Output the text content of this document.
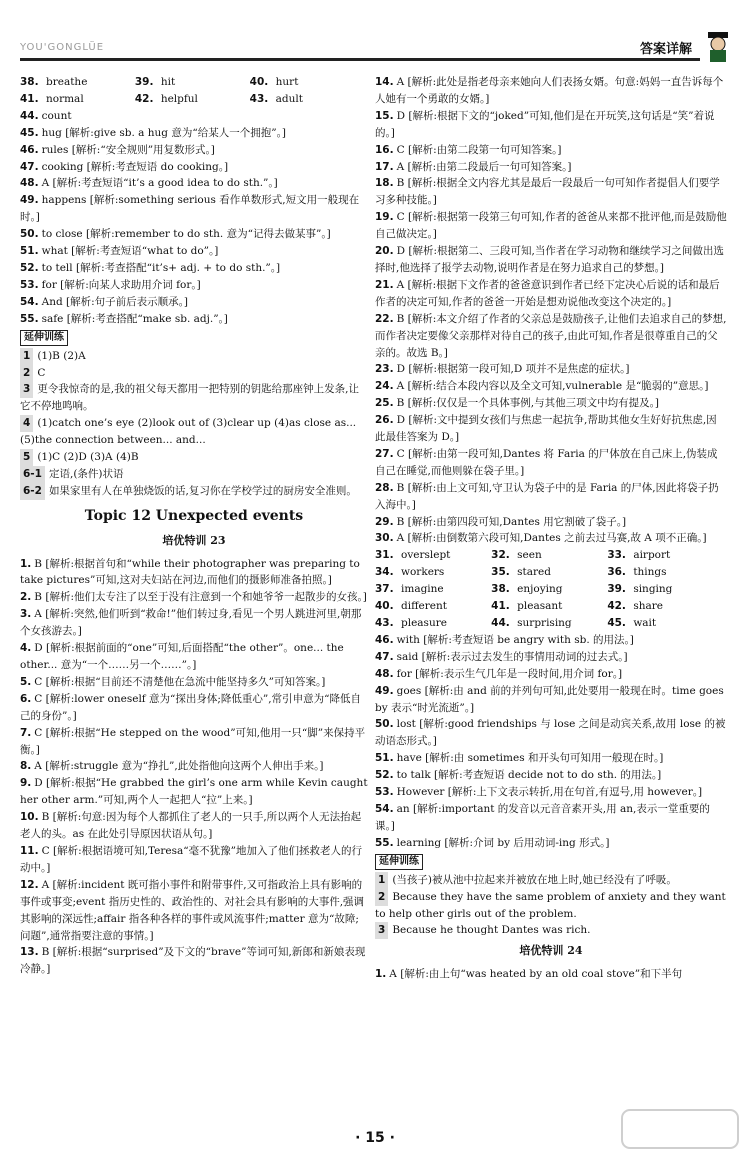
YOU'GONGLÜE	答案详解
38. breathe	39. hit	40. hurt
41. normal	42. helpful	43. adult
44. count
45. hug [解析:give sb. a hug 意为“给某人一个拥抱”。]
46. rules [解析:“安全规则”用复数形式。]
47. cooking [解析:考查短语 do cooking。]
48. A [解析:考查短语“it’s a good idea to do sth.”。]
49. happens [解析:something serious 看作单数形式,短文用一般现在时。]
50. to close [解析:remember to do sth. 意为“记得去做某事”。]
51. what [解析:考查短语“what to do”。]
52. to tell [解析:考查搭配“it’s+ adj. + to do sth.”。]
53. for [解析:向某人求助用介词 for。]
54. And [解析:句子前后表示顺承。]
55. safe [解析:考查搭配“make sb. adj.”。]
延伸训练
1 (1)B (2)A
2 C
3 更令我惊奇的是,我的祖父每天都用一把特别的钥匙给那座钟上发条,让它不停地鸣响。
4 (1)catch one’s eye (2)look out of (3)clear up (4)as close as... (5)the connection between... and...
5 (1)C (2)D (3)A (4)B
6-1 定语,(条件)状语
6-2 如果家里有人在单独烧饭的话,复习你在学校学过的厨房安全准则。
Topic 12 Unexpected events
培优特训 23
1. B [解析:根据首句和“while their photographer was preparing to take pictures”可知,这对夫妇站在河边,而他们的摄影师准备拍照。]
2. B [解析:他们太专注了以至于没有注意到一个和她爷爷一起散步的女孩。]
3. A [解析:突然,他们听到“救命!”他们转过身,看见一个男人跳进河里,朝那个女孩游去。]
4. D [解析:根据前面的“one”可知,后面搭配“the other”。one... the other... 意为“一个……另一个……”。]
5. C [解析:根据“目前还不清楚他在急流中能坚持多久”可知答案。]
6. C [解析:lower oneself 意为“探出身体;降低重心”,常引申意为“降低自己的身份”。]
7. C [解析:根据“He stepped on the wood”可知,他用一只“脚”来保持平衡。]
8. A [解析:struggle 意为“挣扎”,此处指他向这两个人伸出手来。]
9. D [解析:根据“He grabbed the girl’s one arm while Kevin caught her other arm.”可知,两个人一起把人“拉”上来。]
10. B [解析:句意:因为每个人都抓住了老人的一只手,所以两个人无法抬起老人的头。as 在此处引导原因状语从句。]
11. C [解析:根据语境可知,Teresa“毫不犹豫”地加入了他们拯救老人的行动中。]
12. A [解析:incident 既可指小事件和附带事件,又可指政治上具有影响的事件或事变;event 指历史性的、政治性的、对社会具有影响的大事件,强调其影响的深远性;affair 指各种各样的事件或风流事件;matter 意为“故障;问题”,通常指要注意的事情。]
13. B [解析:根据“surprised”及下文的“brave”等词可知,新郎和新娘表现冷静。]
14. A [解析:此处是指老母亲来她向人们表扬女婿。句意:妈妈一直告诉每个人她有一个勇敢的女婿。]
15. D [解析:根据下文的“joked”可知,他们是在开玩笑,这句话是“笑”着说的。]
16. C [解析:由第二段第一句可知答案。]
17. A [解析:由第二段最后一句可知答案。]
18. B [解析:根据全文内容尤其是最后一段最后一句可知作者提倡人们要学习多种技能。]
19. C [解析:根据第一段第三句可知,作者的爸爸从来都不批评他,而是鼓励他自己做决定。]
20. D [解析:根据第二、三段可知,当作者在学习动物和继续学习之间做出选择时,他选择了报学去动物,说明作者是在努力追求自己的梦想。]
21. A [解析:根据下文作者的爸爸意识到作者已经下定决心后说的话和最后作者的决定可知,作者的爸爸一开始是想劝说他改变这个决定的。]
22. B [解析:本文介绍了作者的父亲总是鼓励孩子,让他们去追求自己的梦想,而作者决定要像父亲那样对待自己的孩子,由此可知,作者是很尊重自己的父亲的。故选 B。]
23. D [解析:根据第一段可知,D 项并不是焦虑的症状。]
24. A [解析:结合本段内容以及全文可知,vulnerable 是“脆弱的”意思。]
25. B [解析:仅仅是一个具体事例,与其他三项文中均有提及。]
26. D [解析:文中提到女孩们与焦虑一起抗争,帮助其他女生好好抗焦虑,因此最佳答案为 D。]
27. C [解析:由第一段可知,Dantes 将 Faria 的尸体放在自己床上,伪装成自己在睡觉,而他则躲在袋子里。]
28. B [解析:由上文可知,守卫认为袋子中的是 Faria 的尸体,因此将袋子扔入海中。]
29. B [解析:由第四段可知,Dantes 用它割破了袋子。]
30. A [解析:由倒数第六段可知,Dantes 之前去过马赛,故 A 项不正确。]
31. overslept	32. seen	33. airport
34. workers	35. stared	36. things
37. imagine	38. enjoying	39. singing
40. different	41. pleasant	42. share
43. pleasure	44. surprising	45. wait
46. with [解析:考查短语 be angry with sb. 的用法。]
47. said [解析:表示过去发生的事情用动词的过去式。]
48. for [解析:表示生气几年是一段时间,用介词 for。]
49. goes [解析:由 and 前的并列句可知,此处要用一般现在时。time goes by 表示“时光流逝”。]
50. lost [解析:good friendships 与 lose 之间是动宾关系,故用 lose 的被动语态形式。]
51. have [解析:由 sometimes 和开头句可知用一般现在时。]
52. to talk [解析:考查短语 decide not to do sth. 的用法。]
53. However [解析:上下文表示转折,用在句首,有逗号,用 however。]
54. an [解析:important 的发音以元音音素开头,用 an,表示一堂重要的课。]
55. learning [解析:介词 by 后用动词-ing 形式。]
延伸训练
1 (当孩子)被从池中拉起来并被放在地上时,她已经没有了呼吸。
2 Because they have the same problem of anxiety and they want to help other girls out of the problem.
3 Because he thought Dantes was rich.
培优特训 24
1. A [解析:由上句“was heated by an old coal stove”和下半句
· 15 ·
